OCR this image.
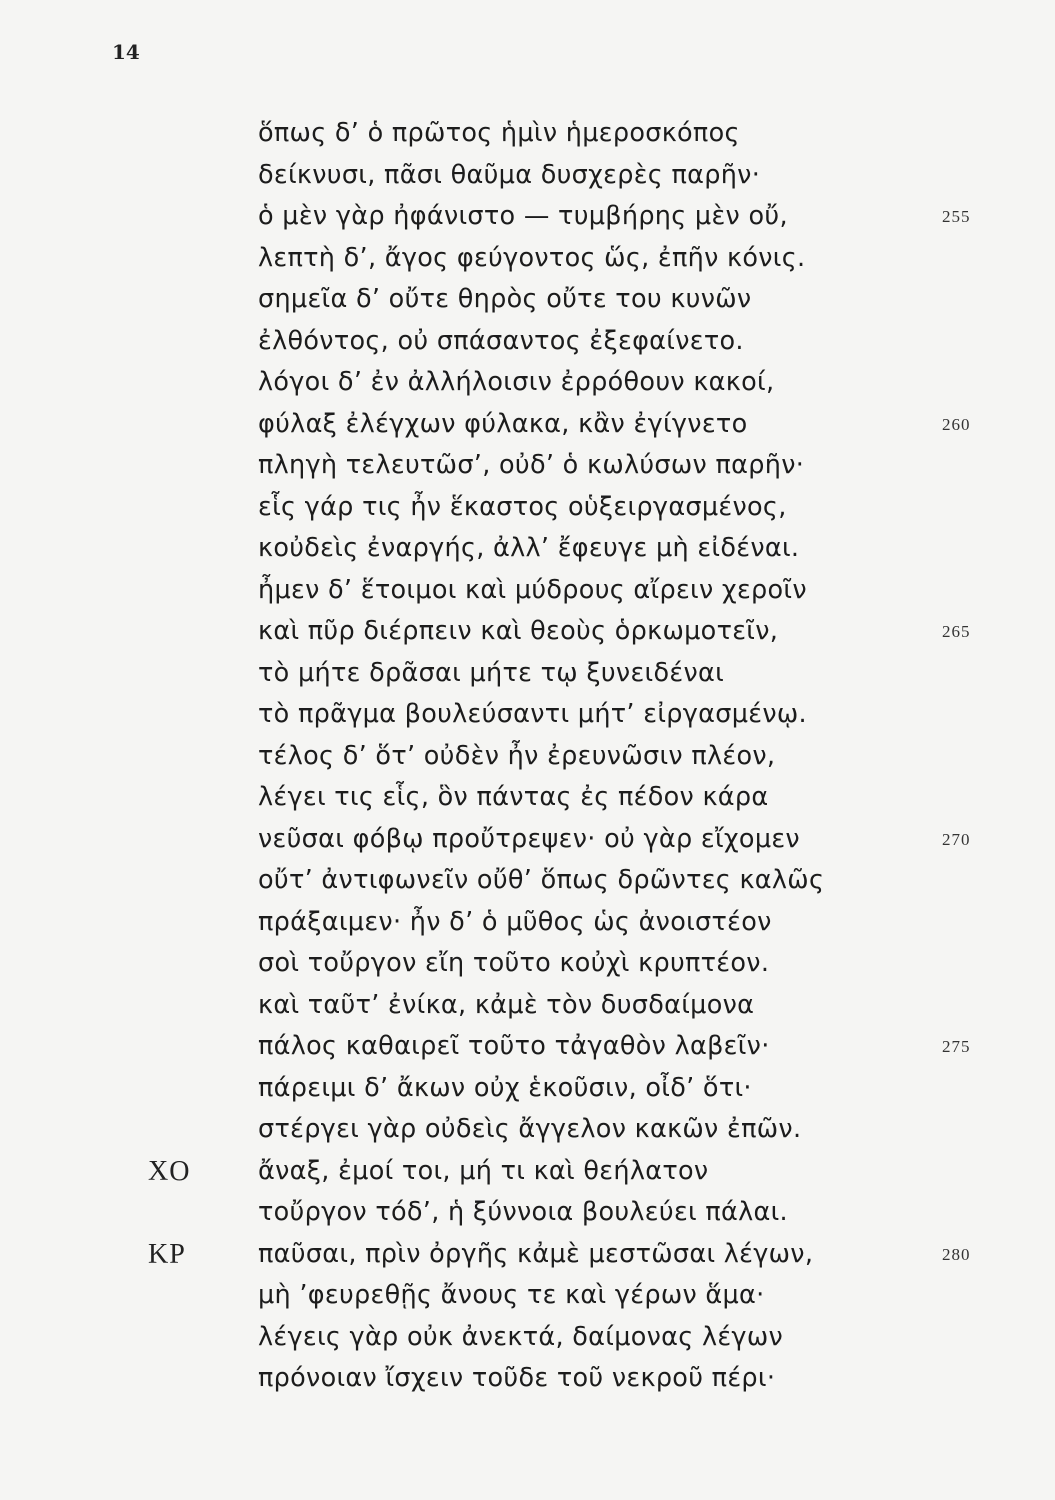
14
ὅπως δ’ ὁ πρῶτος ἡμὶν ἡμεροσκόπος
δείκνυσι, πᾶσι θαῦμα δυσχερὲς παρῆν·
ὁ μὲν γὰρ ἠφάνιστο — τυμβήρης μὲν οὔ,	255
λεπτὴ δ’, ἄγος φεύγοντος ὥς, ἐπῆν κόνις.
σημεῖα δ’ οὔτε θηρὸς οὔτε του κυνῶν
ἐλθόντος, οὐ σπάσαντος ἐξεφαίνετο.
λόγοι δ’ ἐν ἀλλήλοισιν ἐρρόθουν κακοί,
φύλαξ ἐλέγχων φύλακα, κἂν ἐγίγνετο	260
πληγὴ τελευτῶσ’, οὐδ’ ὁ κωλύσων παρῆν·
εἷς γάρ τις ἦν ἕκαστος οὑξειργασμένος,
κοὐδεὶς ἐναργής, ἀλλ’ ἔφευγε μὴ εἰδέναι.
ἦμεν δ’ ἕτοιμοι καὶ μύδρους αἴρειν χεροῖν
καὶ πῦρ διέρπειν καὶ θεοὺς ὁρκωμοτεῖν,	265
τὸ μήτε δρᾶσαι μήτε τῳ ξυνειδέναι
τὸ πρᾶγμα βουλεύσαντι μήτ’ εἰργασμένῳ.
τέλος δ’ ὅτ’ οὐδὲν ἦν ἐρευνῶσιν πλέον,
λέγει τις εἷς, ὃν πάντας ἐς πέδον κάρα
νεῦσαι φόβῳ προὔτρεψεν· οὐ γὰρ εἴχομεν	270
οὔτ’ ἀντιφωνεῖν οὔθ’ ὅπως δρῶντες καλῶς
πράξαιμεν· ἦν δ’ ὁ μῦθος ὡς ἀνοιστέον
σοὶ τοὔργον εἴη τοῦτο κοὐχὶ κρυπτέον.
καὶ ταῦτ’ ἐνίκα, κἀμὲ τὸν δυσδαίμονα
πάλος καθαιρεῖ τοῦτο τἀγαθὸν λαβεῖν·	275
πάρειμι δ’ ἄκων οὐχ ἑκοῦσιν, οἶδ’ ὅτι·
στέργει γὰρ οὐδεὶς ἄγγελον κακῶν ἐπῶν.
ΧΟ	ἄναξ, ἐμοί τοι, μή τι καὶ θεήλατον
τοὔργον τόδ’, ἡ ξύννοια βουλεύει πάλαι.
ΚΡ	παῦσαι, πρὶν ὀργῆς κἀμὲ μεστῶσαι λέγων,	280
μὴ ’φευρεθῇς ἄνους τε καὶ γέρων ἅμα·
λέγεις γὰρ οὐκ ἀνεκτά, δαίμονας λέγων
πρόνοιαν ἴσχειν τοῦδε τοῦ νεκροῦ πέρι·
